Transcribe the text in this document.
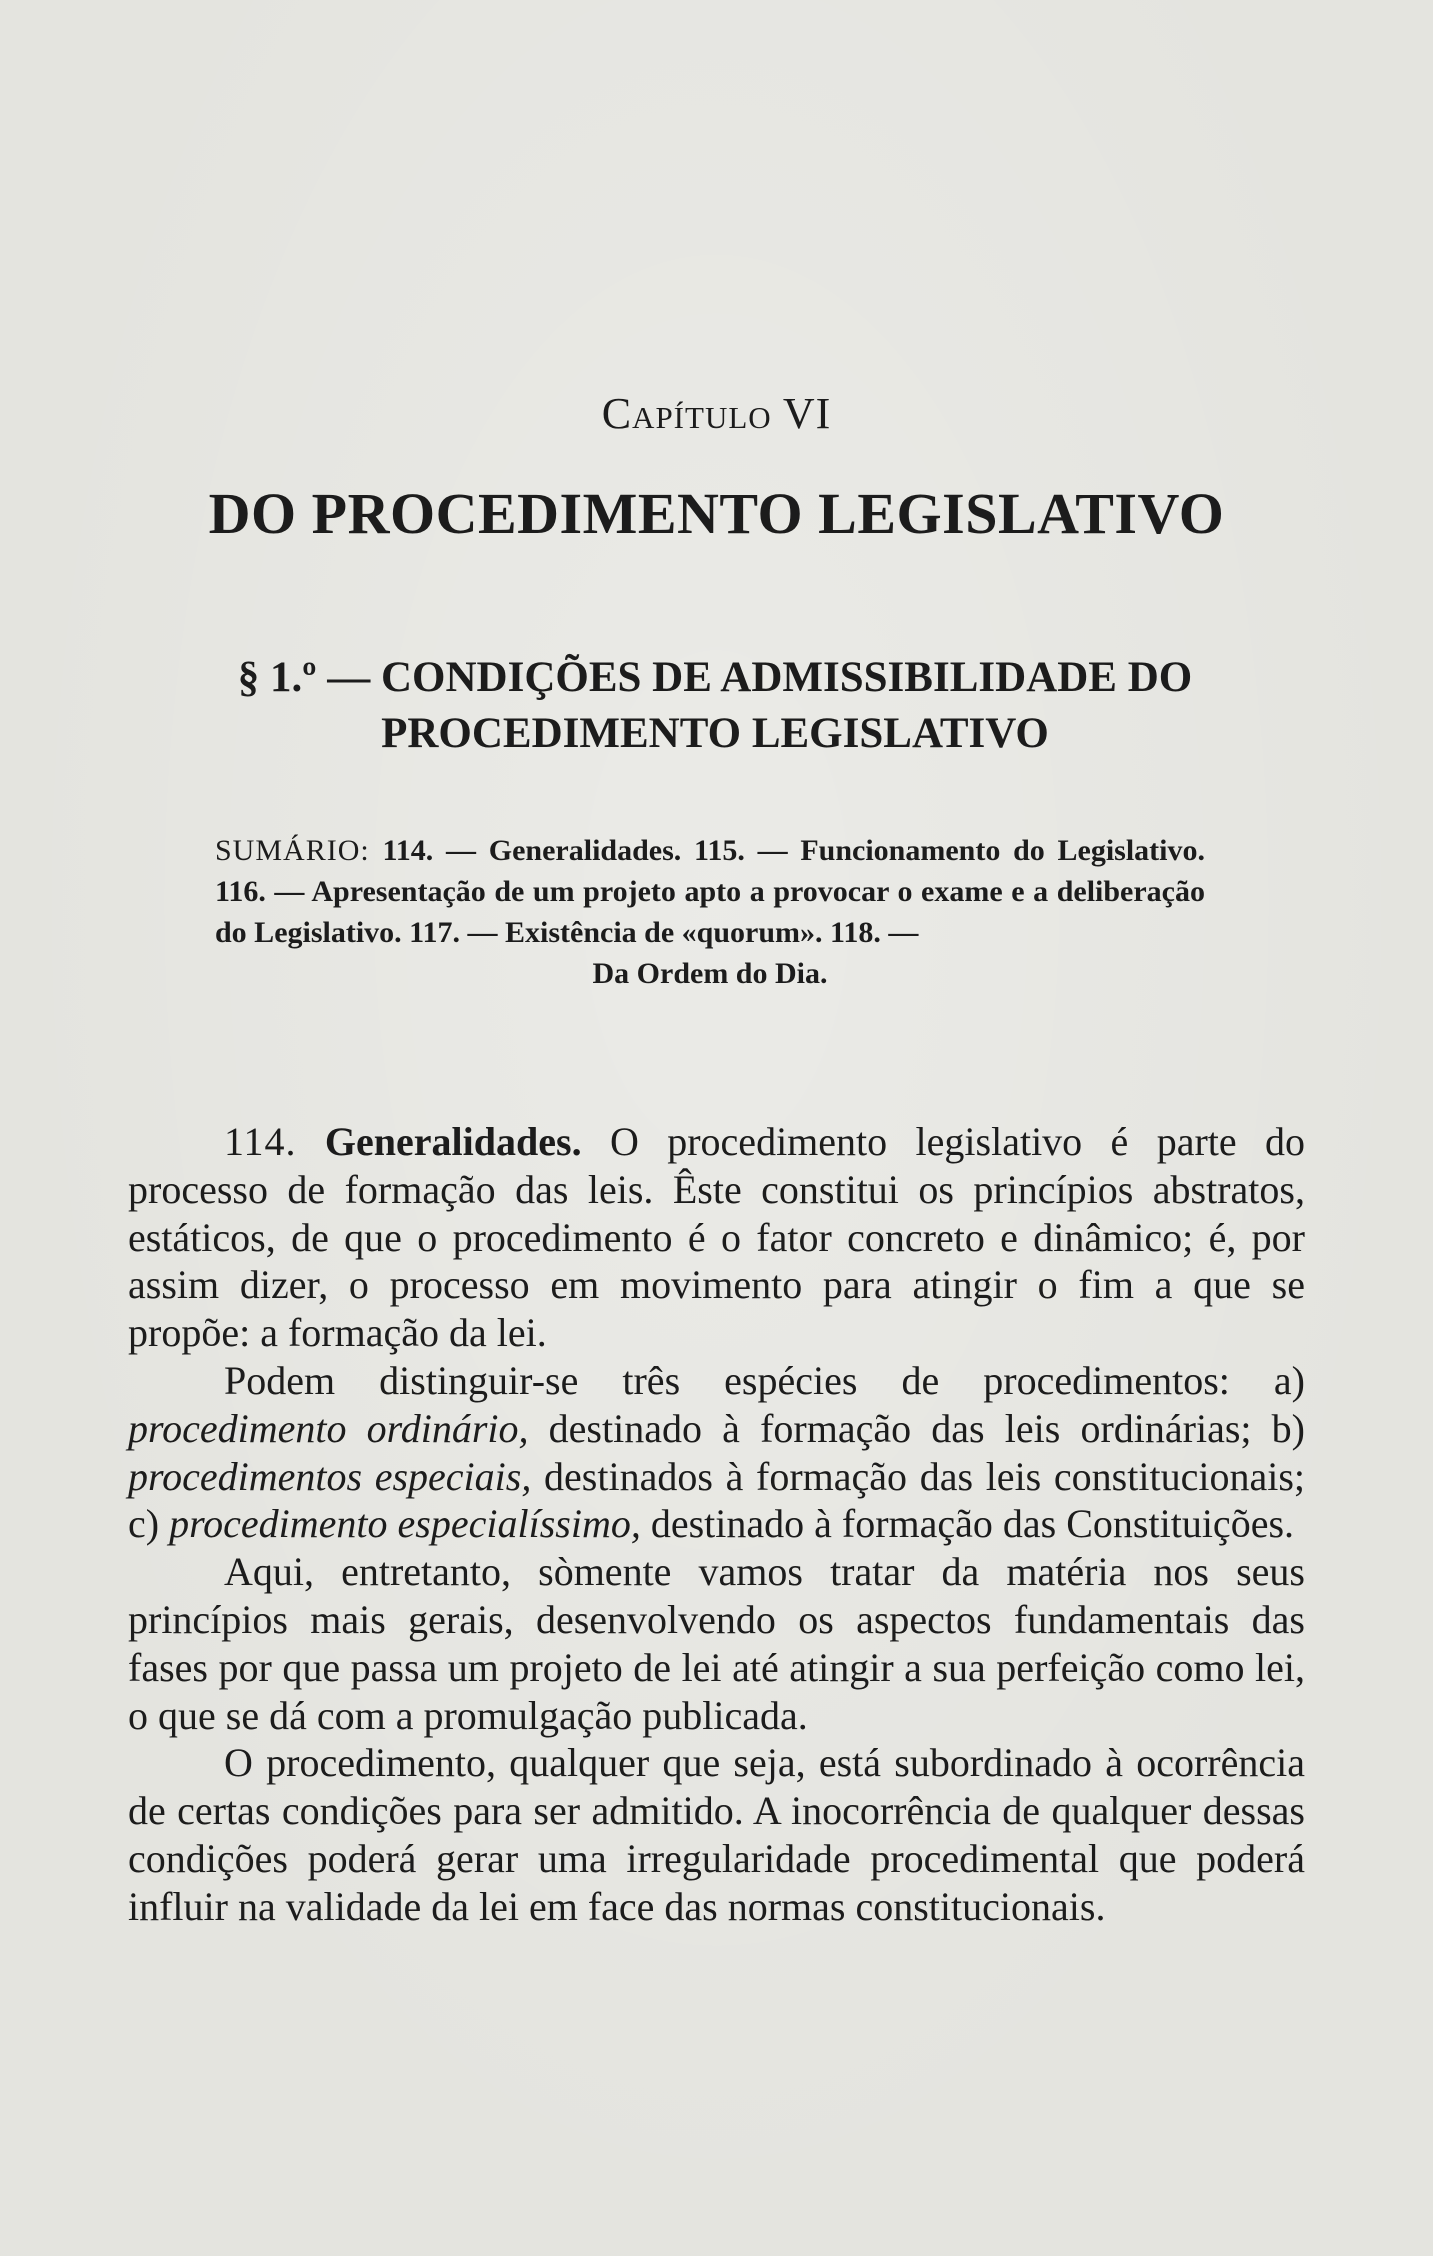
Capítulo VI
DO PROCEDIMENTO LEGISLATIVO
§ 1.º — CONDIÇÕES DE ADMISSIBILIDADE DO PROCEDIMENTO LEGISLATIVO
SUMÁRIO: 114. — Generalidades. 115. — Funcionamento do Legislativo. 116. — Apresentação de um projeto apto a provocar o exame e a deliberação do Legislativo. 117. — Existência de «quorum». 118. —
Da Ordem do Dia.

114. Generalidades. O procedimento legislativo é parte do processo de formação das leis. Êste constitui os princípios abstratos, estáticos, de que o procedimento é o fator concreto e dinâmico; é, por assim dizer, o processo em movimento para atingir o fim a que se propõe: a formação da lei.

Podem distinguir-se três espécies de procedimentos: a) procedimento ordinário, destinado à formação das leis ordinárias; b) procedimentos especiais, destinados à formação das leis constitucionais; c) procedimento especialíssimo, destinado à formação das Constituições.

Aqui, entretanto, sòmente vamos tratar da matéria nos seus princípios mais gerais, desenvolvendo os aspectos fundamentais das fases por que passa um projeto de lei até atingir a sua perfeição como lei, o que se dá com a promulgação publicada.

O procedimento, qualquer que seja, está subordinado à ocorrência de certas condições para ser admitido. A inocorrência de qualquer dessas condições poderá gerar uma irregularidade procedimental que poderá influir na validade da lei em face das normas constitucionais.
